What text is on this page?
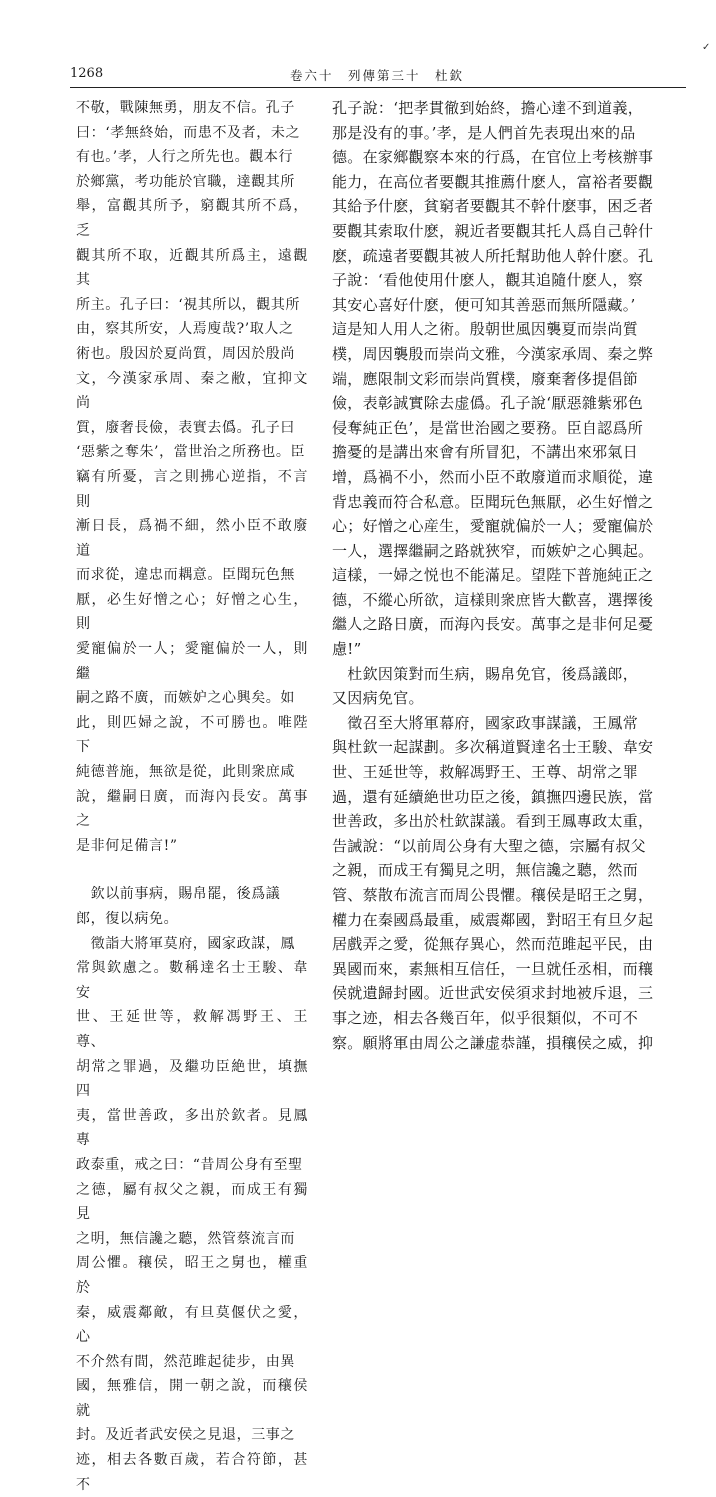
✓
1268	卷六十　列傳第三十　杜欽

不敬，戰陳無勇，朋友不信。孔子
曰：‘孝無終始，而患不及者，未之
有也。’孝，人行之所先也。觀本行
於鄉黨，考功能於官職，達觀其所
舉，富觀其所予，窮觀其所不爲，乏
觀其所不取，近觀其所爲主，遠觀其
所主。孔子曰：‘視其所以，觀其所
由，察其所安，人焉廋哉?’取人之
術也。殷因於夏尚質，周因於殷尚
文，今漢家承周、秦之敝，宜抑文尚
質，廢奢長儉，表實去僞。孔子曰
‘惡紫之奪朱’，當世治之所務也。臣
竊有所憂，言之則拂心逆指，不言則
漸日長，爲禍不細，然小臣不敢廢道
而求從，違忠而耦意。臣聞玩色無
厭，必生好憎之心；好憎之心生，則
愛寵偏於一人；愛寵偏於一人，則繼
嗣之路不廣，而嫉妒之心興矣。如
此，則匹婦之說，不可勝也。唯陛下
純德普施，無欲是從，此則衆庶咸
說，繼嗣日廣，而海內長安。萬事之
是非何足備言!”

　欽以前事病，賜帛罷，後爲議
郎，復以病免。

　徵詣大將軍莫府，國家政謀，鳳
常與欽慮之。數稱達名士王駿、韋安
世、王延世等，救解馮野王、王尊、
胡常之罪過，及繼功臣絶世，填撫四
夷，當世善政，多出於欽者。見鳳專
政泰重，戒之曰：“昔周公身有至聖
之德，屬有叔父之親，而成王有獨見
之明，無信讒之聽，然管蔡流言而
周公懼。穰侯，昭王之舅也，權重於
秦，威震鄰敵，有旦莫偃伏之愛，心
不介然有間，然范雎起徒步，由異
國，無雅信，開一朝之說，而穰侯就
封。及近者武安侯之見退，三事之
迹，相去各數百歲，若合符節，甚不

孔子說：‘把孝貫徹到始終，擔心達不到道義，
那是没有的事。’孝，是人們首先表現出來的品
德。在家鄉觀察本來的行爲，在官位上考核辦事
能力，在高位者要觀其推薦什麽人，富裕者要觀
其給予什麽，貧窮者要觀其不幹什麽事，困乏者
要觀其索取什麽，親近者要觀其托人爲自己幹什
麽，疏遠者要觀其被人所托幫助他人幹什麽。孔
子說：‘看他使用什麽人，觀其追隨什麽人，察
其安心喜好什麽，便可知其善惡而無所隱藏。’
這是知人用人之術。殷朝世風因襲夏而崇尚質
樸，周因襲殷而崇尚文雅，今漢家承周、秦之弊
端，應限制文彩而崇尚質樸，廢棄奢侈提倡節
儉，表彰誠實除去虚僞。孔子說‘厭惡雜紫邪色
侵奪純正色’，是當世治國之要務。臣自認爲所
擔憂的是講出來會有所冒犯，不講出來邪氣日
增，爲禍不小，然而小臣不敢廢道而求順從，違
背忠義而符合私意。臣聞玩色無厭，必生好憎之
心；好憎之心産生，愛寵就偏於一人；愛寵偏於
一人，選擇繼嗣之路就狹窄，而嫉妒之心興起。
這樣，一婦之悦也不能滿足。望陛下普施純正之
德，不縱心所欲，這樣則衆庶皆大歡喜，選擇後
繼人之路日廣，而海內長安。萬事之是非何足憂
慮!”

　杜欽因策對而生病，賜帛免官，後爲議郎，
又因病免官。

　徵召至大將軍幕府，國家政事謀議，王鳳常
與杜欽一起謀劃。多次稱道賢達名士王駿、韋安
世、王延世等，救解馮野王、王尊、胡常之罪
過，還有延續絶世功臣之後，鎮撫四邊民族，當
世善政，多出於杜欽謀議。看到王鳳專政太重，
告誡說：“以前周公身有大聖之德，宗屬有叔父
之親，而成王有獨見之明，無信讒之聽，然而
管、蔡散布流言而周公畏懼。穰侯是昭王之舅，
權力在秦國爲最重，威震鄰國，對昭王有旦夕起
居戲弄之愛，從無存異心，然而范雎起平民，由
異國而來，素無相互信任，一旦就任丞相，而穰
侯就遺歸封國。近世武安侯須求封地被斥退，三
事之迹，相去各幾百年，似乎很類似，不可不
察。願將軍由周公之謙虚恭謹，損穰侯之威，抑
